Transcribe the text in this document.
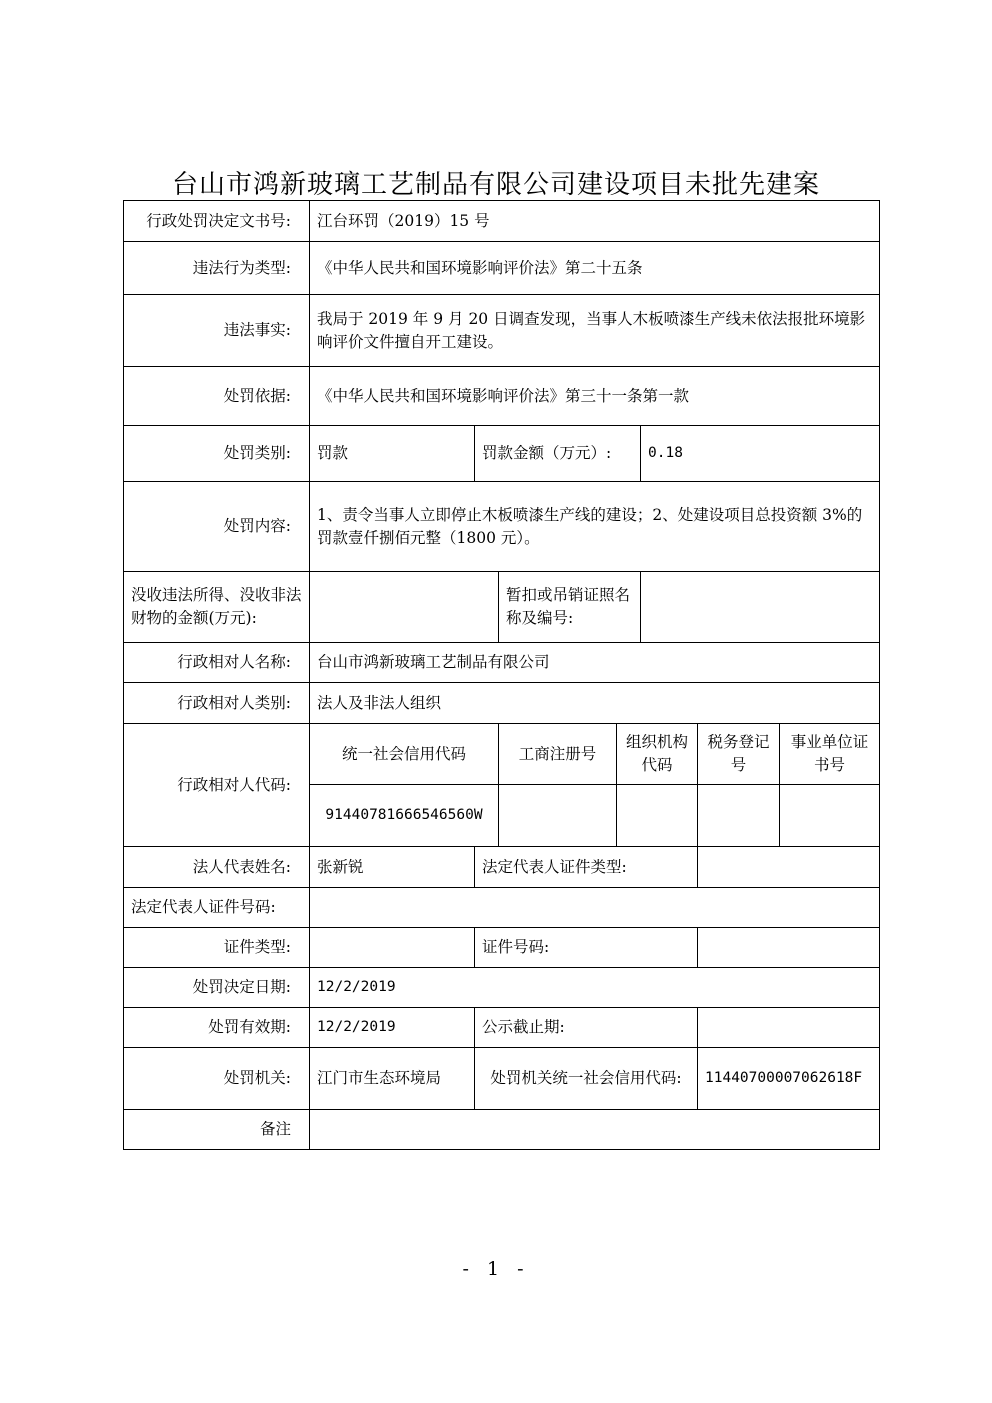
台山市鸿新玻璃工艺制品有限公司建设项目未批先建案
行政处罚决定文书号:	江台环罚（2019）15 号						
违法行为类型:	《中华人民共和国环境影响评价法》第二十五条						
违法事实:	我局于 2019 年 9 月 20 日调查发现，当事人木板喷漆生产线未依法报批环境影响评价文件擅自开工建设。						
处罚依据:	《中华人民共和国环境影响评价法》第三十一条第一款						
处罚类别:	罚款	罚款金额（万元）:			0.18		
处罚内容:	1、责令当事人立即停止木板喷漆生产线的建设；2、处建设项目总投资额 3%的罚款壹仟捌佰元整（1800 元）。						
没收违法所得、没收非法财物的金额(万元):			暂扣或吊销证照名称及编号:				
行政相对人名称:	台山市鸿新玻璃工艺制品有限公司						
行政相对人类别:	法人及非法人组织						
行政相对人代码:	统一社会信用代码		工商注册号	组织机构代码		税务登记号	事业单位证书号
	91440781666546560W						
法人代表姓名:	张新锐	法定代表人证件类型:					
法定代表人证件号码:							
证件类型:		证件号码:					
处罚决定日期:	12/2/2019						
处罚有效期:	12/2/2019	公示截止期:					
处罚机关:	江门市生态环境局	处罚机关统一社会信用代码:				11440700007062618F	
备注							
- 1 -
